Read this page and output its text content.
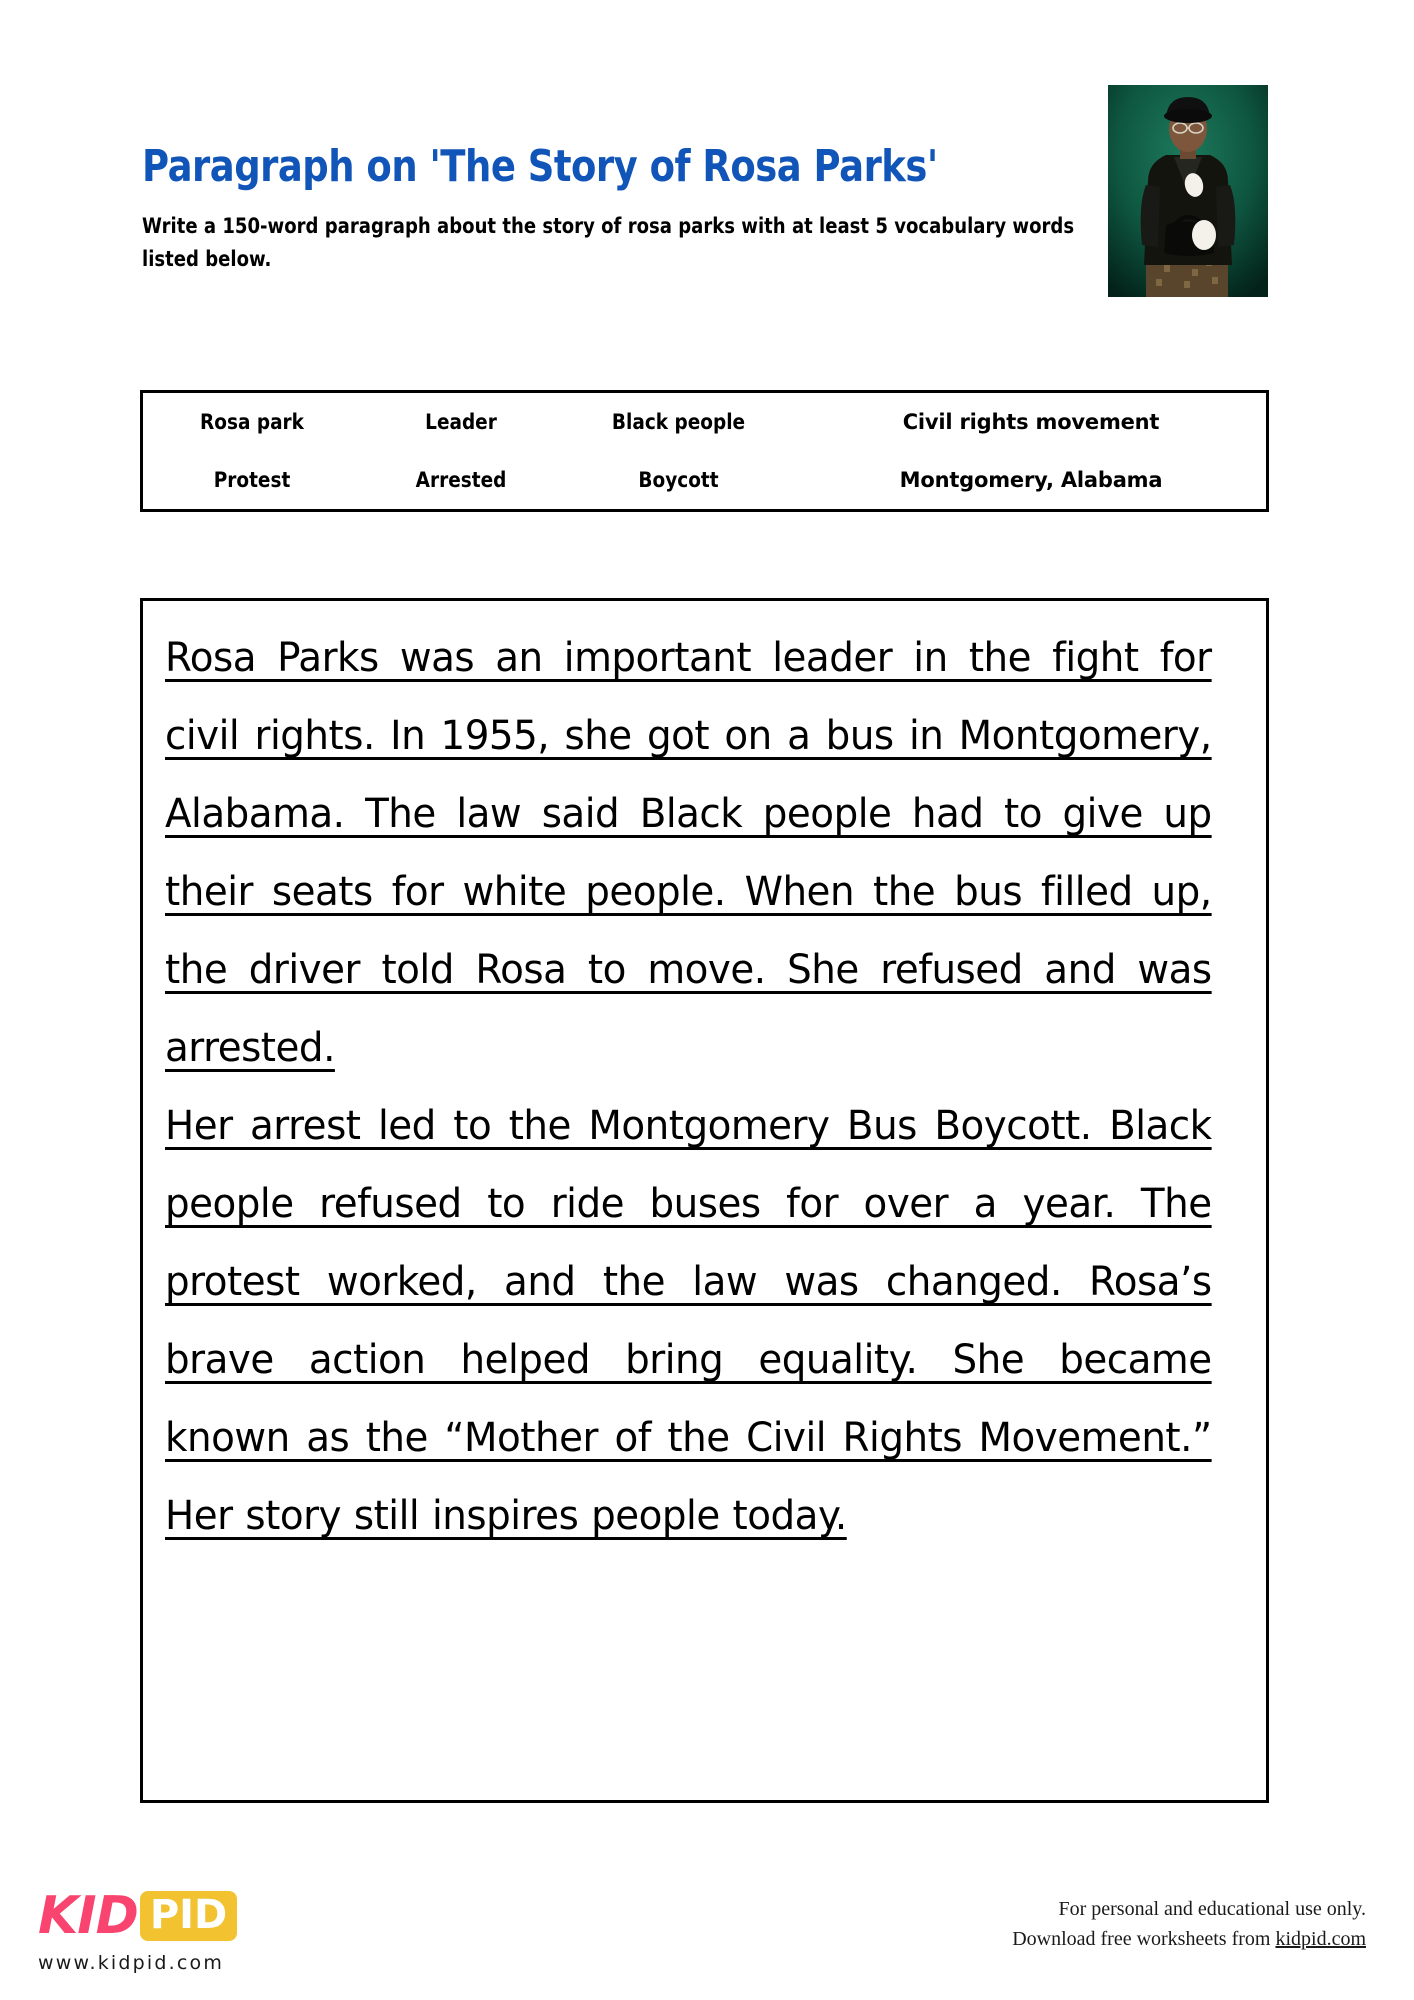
Paragraph on 'The Story of Rosa Parks'

Write a 150-word paragraph about the story of rosa parks with at least 5 vocabulary words listed below.

Rosa park	Leader	Black people	Civil rights movement
Protest	Arrested	Boycott	Montgomery, Alabama

Rosa Parks was an important leader in the fight for civil rights. In 1955, she got on a bus in Montgomery, Alabama. The law said Black people had to give up their seats for white people. When the bus filled up, the driver told Rosa to move. She refused and was arrested.

Her arrest led to the Montgomery Bus Boycott. Black people refused to ride buses for over a year. The protest worked, and the law was changed. Rosa’s brave action helped bring equality. She became known as the “Mother of the Civil Rights Movement.” Her story still inspires people today.

KID PID
www.kidpid.com
For personal and educational use only.
Download free worksheets from kidpid.com
